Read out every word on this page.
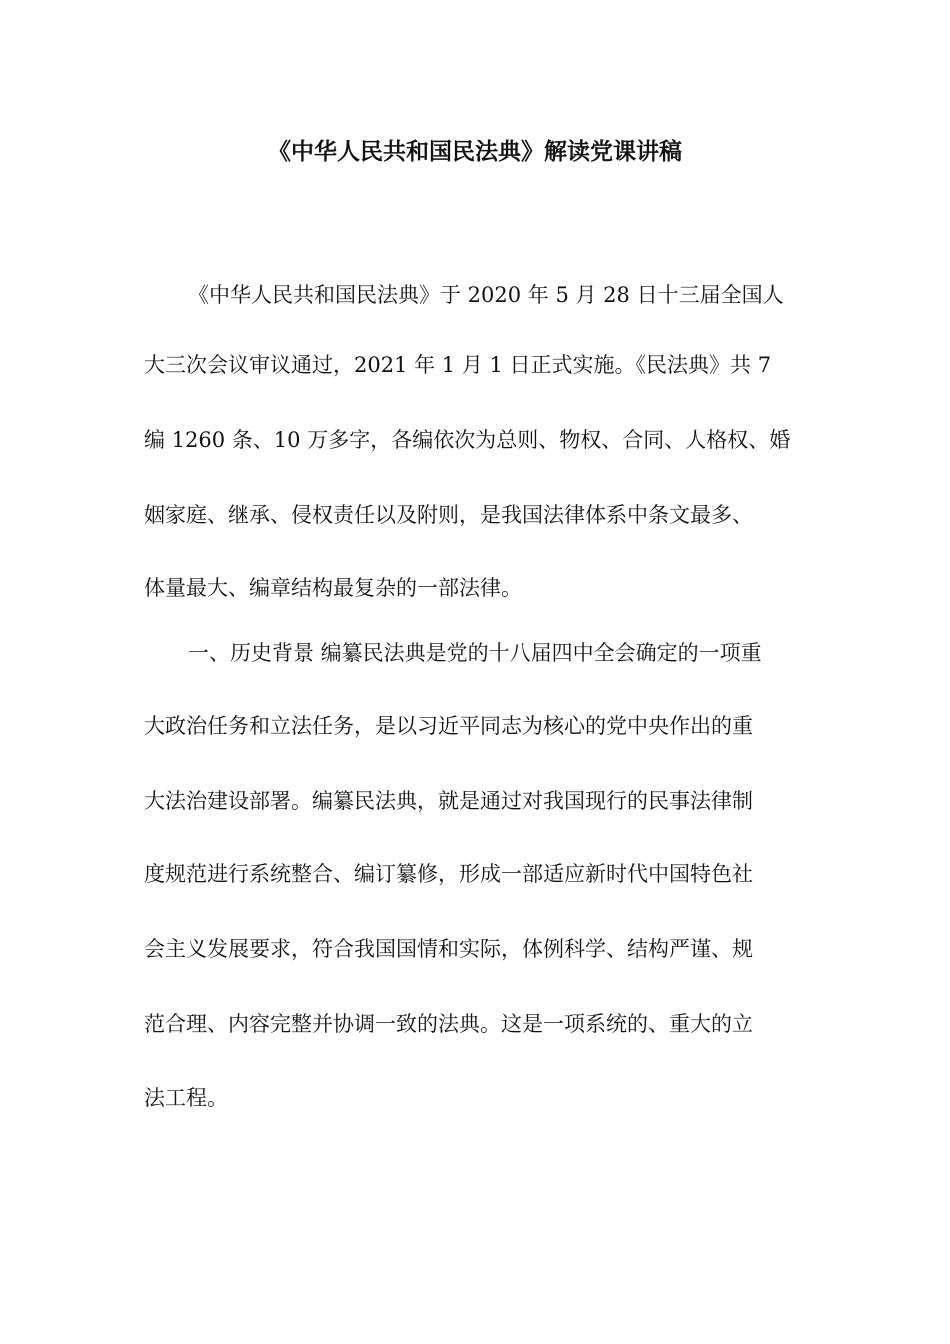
《中华人民共和国民法典》解读党课讲稿
《中华人民共和国民法典》于 2020 年 5 月 28 日十三届全国人
大三次会议审议通过，2021 年 1 月 1 日正式实施。《民法典》共 7
编 1260 条、10 万多字，各编依次为总则、物权、合同、人格权、婚
姻家庭、继承、侵权责任以及附则，是我国法律体系中条文最多、
体量最大、编章结构最复杂的一部法律。
一、历史背景 编纂民法典是党的十八届四中全会确定的一项重
大政治任务和立法任务，是以习近平同志为核心的党中央作出的重
大法治建设部署。编纂民法典，就是通过对我国现行的民事法律制
度规范进行系统整合、编订纂修，形成一部适应新时代中国特色社
会主义发展要求，符合我国国情和实际，体例科学、结构严谨、规
范合理、内容完整并协调一致的法典。这是一项系统的、重大的立
法工程。
